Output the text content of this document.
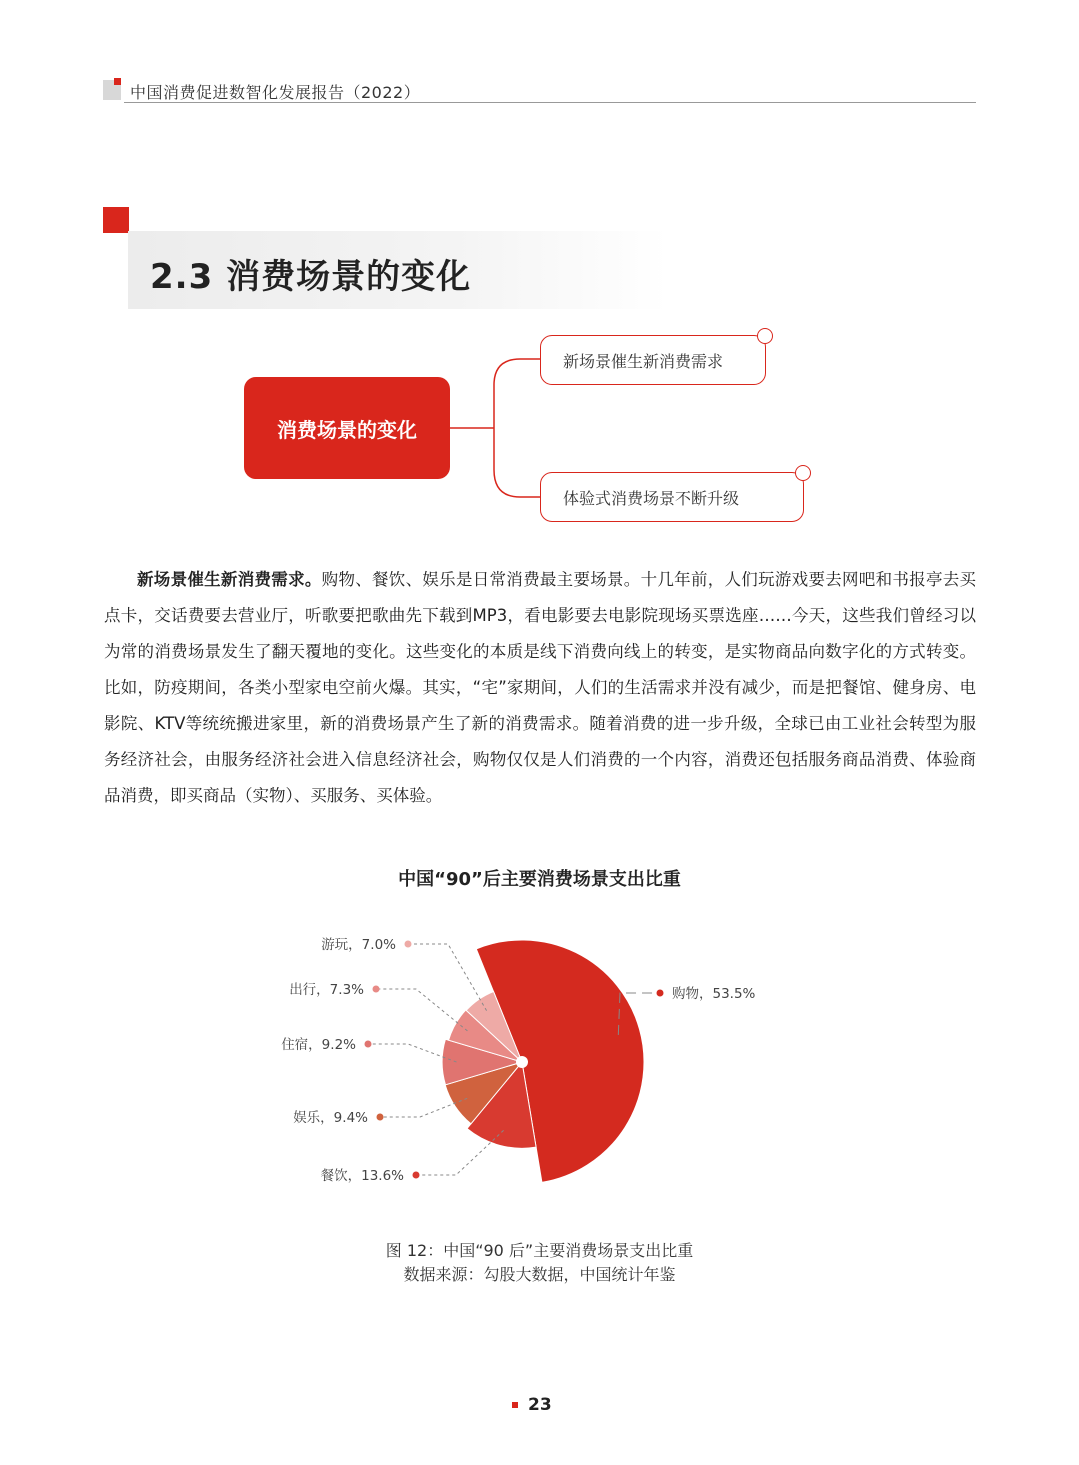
中国消费促进数智化发展报告（2022）
2.3 消费场景的变化
消费场景的变化
新场景催生新消费需求
体验式消费场景不断升级
新场景催生新消费需求。购物、餐饮、娱乐是日常消费最主要场景。十几年前，人们玩游戏要去网吧和书报亭去买点卡，交话费要去营业厅，听歌要把歌曲先下载到MP3，看电影要去电影院现场买票选座……今天，这些我们曾经习以为常的消费场景发生了翻天覆地的变化。这些变化的本质是线下消费向线上的转变，是实物商品向数字化的方式转变。比如，防疫期间，各类小型家电空前火爆。其实，“宅”家期间，人们的生活需求并没有减少，而是把餐馆、健身房、电影院、KTV等统统搬进家里，新的消费场景产生了新的消费需求。随着消费的进一步升级，全球已由工业社会转型为服务经济社会，由服务经济社会进入信息经济社会，购物仅仅是人们消费的一个内容，消费还包括服务商品消费、体验商品消费，即买商品（实物）、买服务、买体验。
中国“90”后主要消费场景支出比重
购物，53.5%
餐饮，13.6%
娱乐，9.4%
住宿，9.2%
出行，7.3%
游玩，7.0%
图 12：中国“90 后”主要消费场景支出比重
数据来源：勾股大数据，中国统计年鉴
23
